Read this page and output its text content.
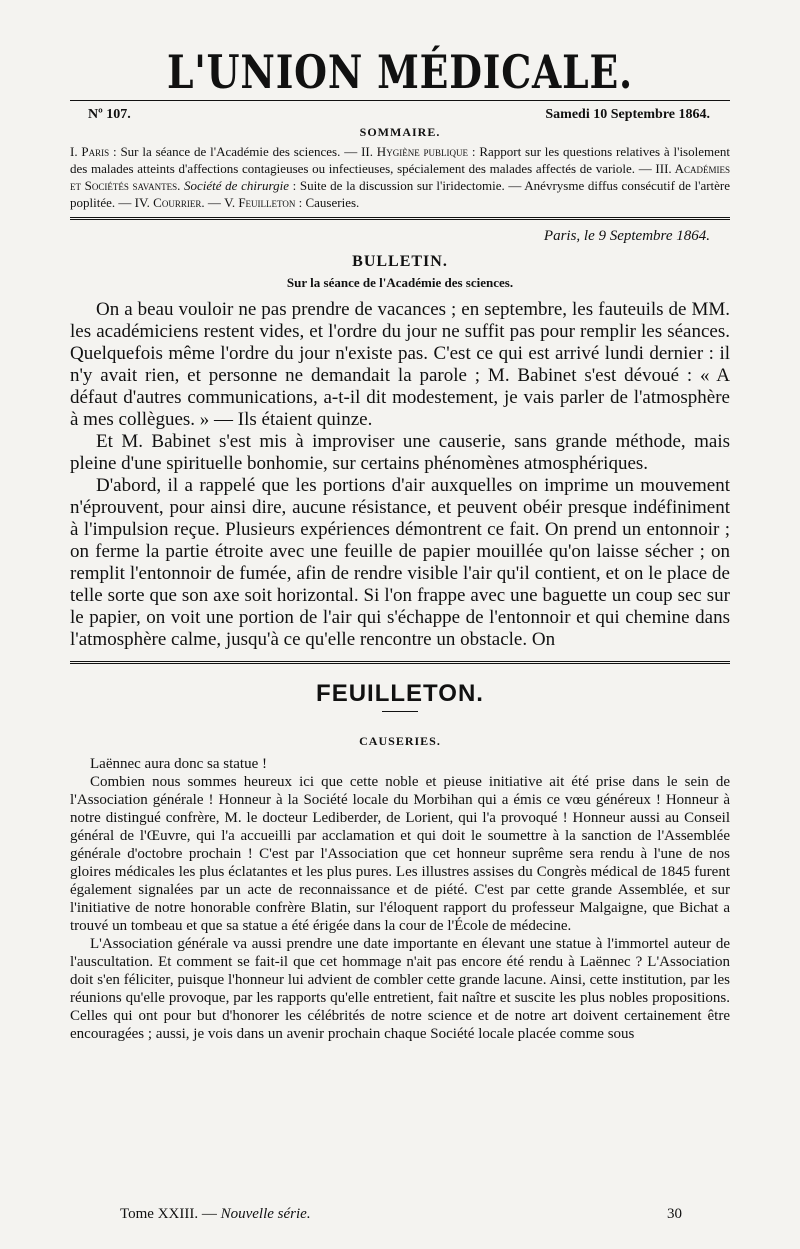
L'UNION MÉDICALE.
Nº 107.	Samedi 10 Septembre 1864.
SOMMAIRE.

I. Paris : Sur la séance de l'Académie des sciences. — II. Hygiène publique : Rapport sur les questions relatives à l'isolement des malades atteints d'affections contagieuses ou infectieuses, spécialement des malades affectés de variole. — III. Académies et Sociétés savantes. Société de chirurgie : Suite de la discussion sur l'iridectomie. — Anévrysme diffus consécutif de l'artère poplitée. — IV. Courrier. — V. Feuilleton : Causeries.

Paris, le 9 Septembre 1864.
BULLETIN.
Sur la séance de l'Académie des sciences.

On a beau vouloir ne pas prendre de vacances ; en septembre, les fauteuils de MM. les académiciens restent vides, et l'ordre du jour ne suffit pas pour remplir les séances. Quelquefois même l'ordre du jour n'existe pas. C'est ce qui est arrivé lundi dernier : il n'y avait rien, et personne ne demandait la parole ; M. Babinet s'est dévoué : « A défaut d'autres communications, a-t-il dit modestement, je vais parler de l'atmosphère à mes collègues. » — Ils étaient quinze.

Et M. Babinet s'est mis à improviser une causerie, sans grande méthode, mais pleine d'une spirituelle bonhomie, sur certains phénomènes atmosphériques.

D'abord, il a rappelé que les portions d'air auxquelles on imprime un mouvement n'éprouvent, pour ainsi dire, aucune résistance, et peuvent obéir presque indéfiniment à l'impulsion reçue. Plusieurs expériences démontrent ce fait. On prend un entonnoir ; on ferme la partie étroite avec une feuille de papier mouillée qu'on laisse sécher ; on remplit l'entonnoir de fumée, afin de rendre visible l'air qu'il contient, et on le place de telle sorte que son axe soit horizontal. Si l'on frappe avec une baguette un coup sec sur le papier, on voit une portion de l'air qui s'échappe de l'entonnoir et qui chemine dans l'atmosphère calme, jusqu'à ce qu'elle rencontre un obstacle. On

FEUILLETON.
CAUSERIES.

Laënnec aura donc sa statue !

Combien nous sommes heureux ici que cette noble et pieuse initiative ait été prise dans le sein de l'Association générale ! Honneur à la Société locale du Morbihan qui a émis ce vœu généreux ! Honneur à notre distingué confrère, M. le docteur Lediberder, de Lorient, qui l'a provoqué ! Honneur aussi au Conseil général de l'Œuvre, qui l'a accueilli par acclamation et qui doit le soumettre à la sanction de l'Assemblée générale d'octobre prochain ! C'est par l'Association que cet honneur suprême sera rendu à l'une de nos gloires médicales les plus éclatantes et les plus pures. Les illustres assises du Congrès médical de 1845 furent également signalées par un acte de reconnaissance et de piété. C'est par cette grande Assemblée, et sur l'initiative de notre honorable confrère Blatin, sur l'éloquent rapport du professeur Malgaigne, que Bichat a trouvé un tombeau et que sa statue a été érigée dans la cour de l'École de médecine.

L'Association générale va aussi prendre une date importante en élevant une statue à l'immortel auteur de l'auscultation. Et comment se fait-il que cet hommage n'ait pas encore été rendu à Laënnec ? L'Association doit s'en féliciter, puisque l'honneur lui advient de combler cette grande lacune. Ainsi, cette institution, par les réunions qu'elle provoque, par les rapports qu'elle entretient, fait naître et suscite les plus nobles propositions. Celles qui ont pour but d'honorer les célébrités de notre science et de notre art doivent certainement être encouragées ; aussi, je vois dans un avenir prochain chaque Société locale placée comme sous

Tome XXIII. — Nouvelle série.	30
